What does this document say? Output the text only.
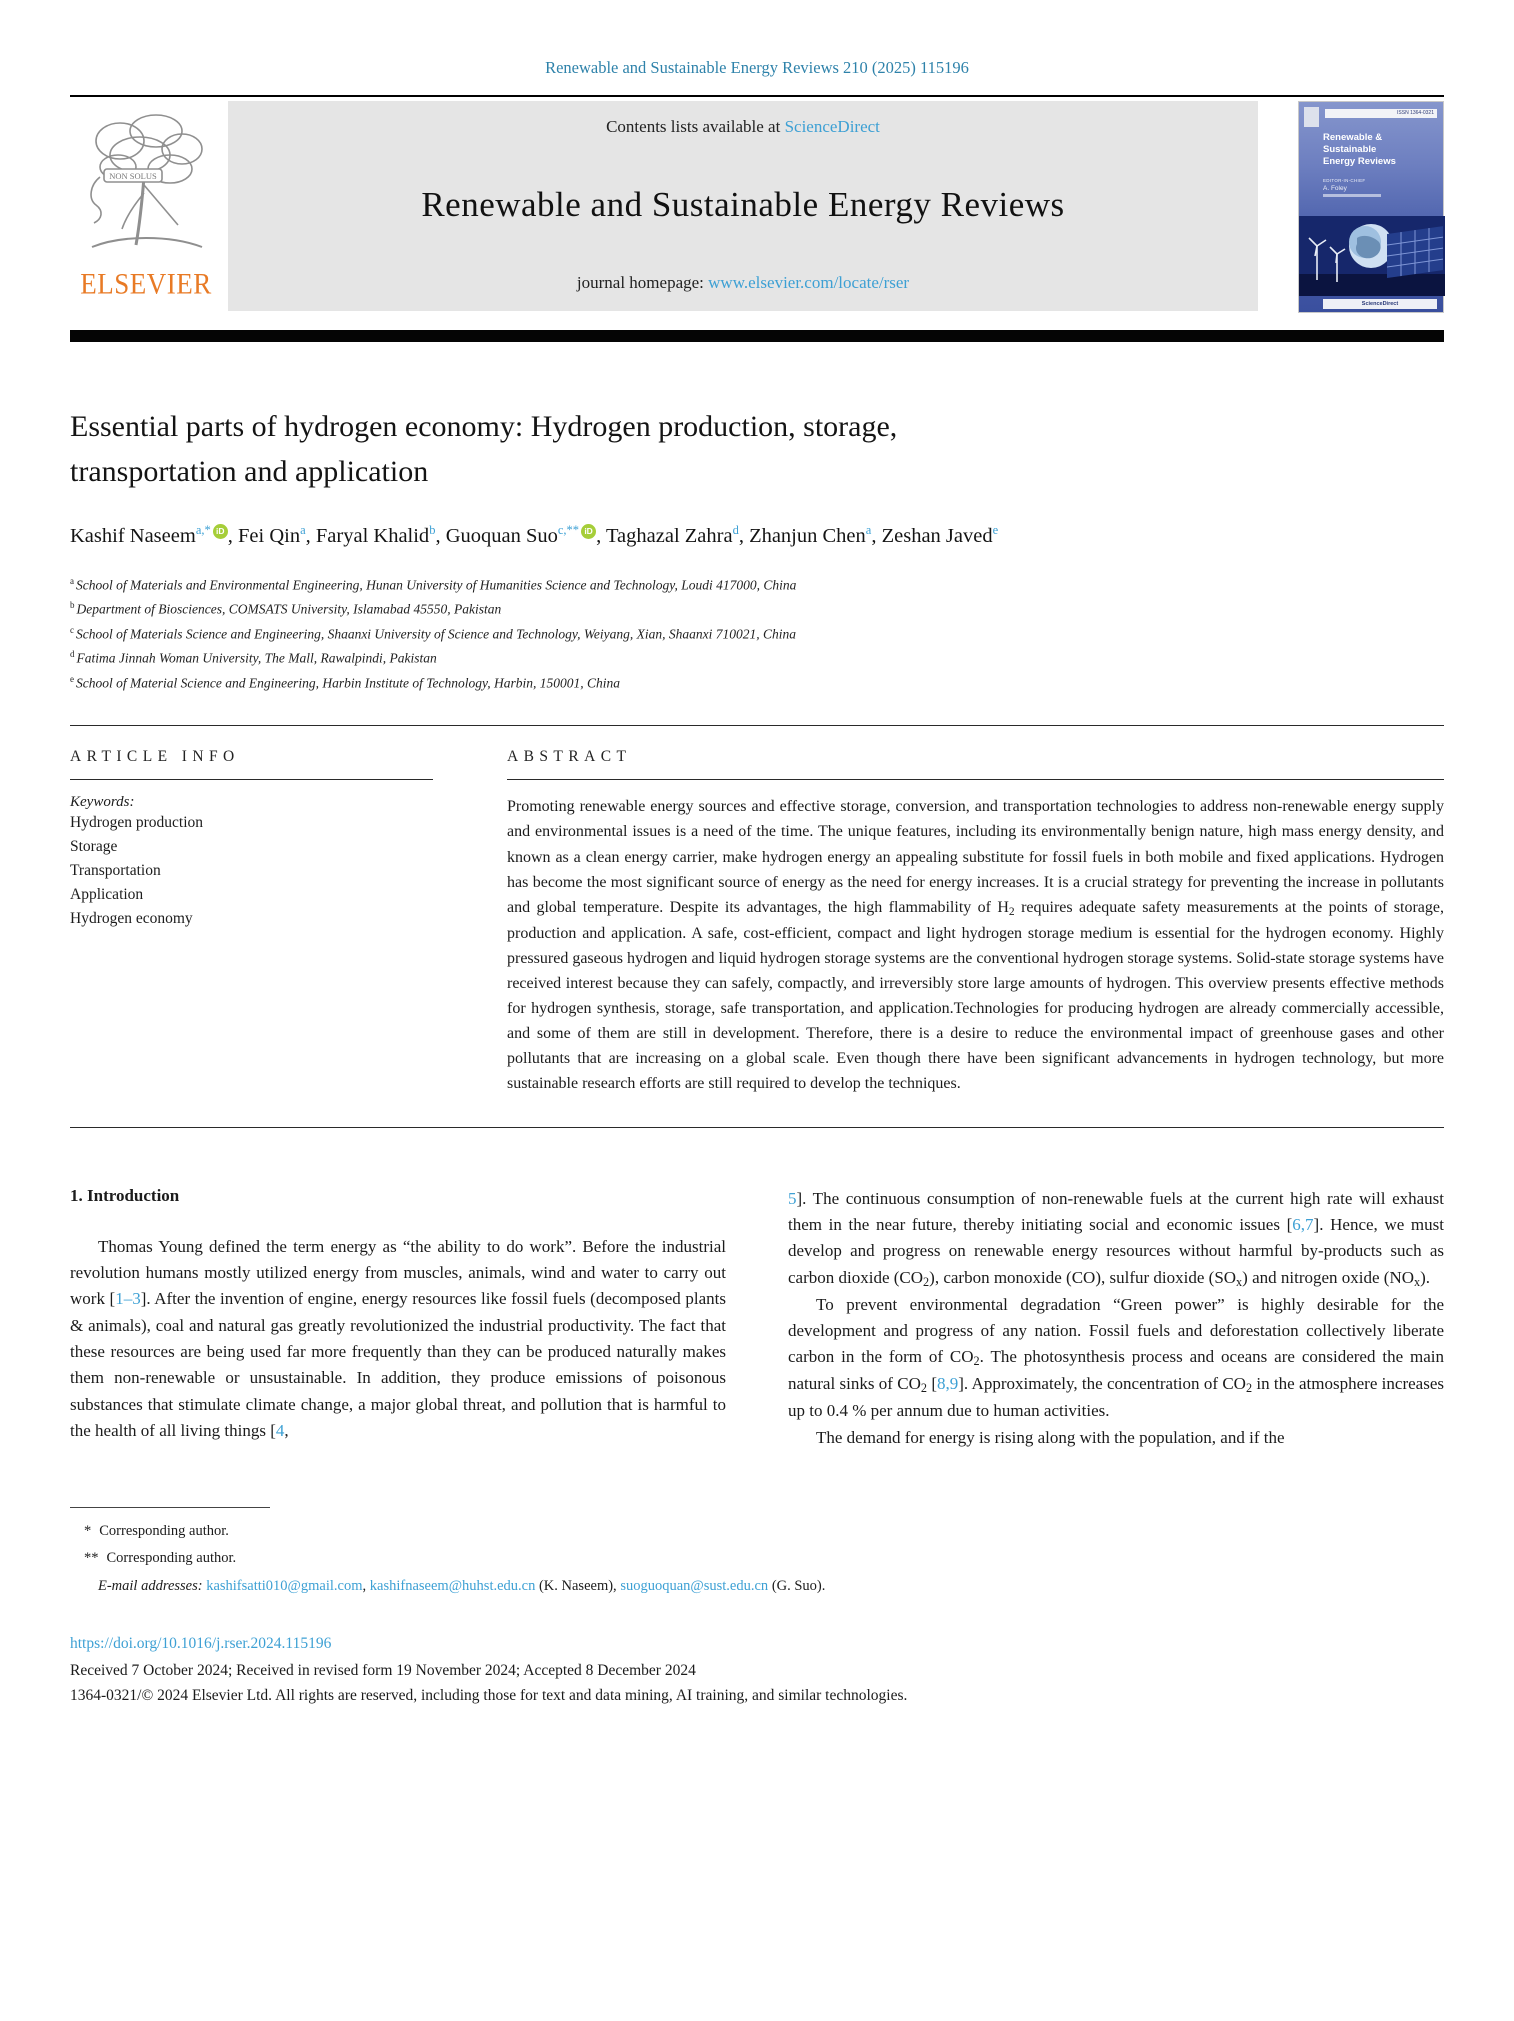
Renewable and Sustainable Energy Reviews 210 (2025) 115196
NON SOLUS
ELSEVIER
Contents lists available at ScienceDirect
Renewable and Sustainable Energy Reviews
journal homepage: www.elsevier.com/locate/rser
ISSN 1364-0321
Renewable &
Sustainable
Energy Reviews
EDITOR-IN-CHIEF
A. Foley
ScienceDirect
Essential parts of hydrogen economy: Hydrogen production, storage, transportation and application
Kashif Naseem$^{a,*}$ iD , Fei Qin$^a$, Faryal Khalid$^b$, Guoquan Suo$^{c,**}$ iD , Taghazal Zahra$^d$, Zhanjun Chen$^a$, Zeshan Javed$^e$
$^a$ School of Materials and Environmental Engineering, Hunan University of Humanities Science and Technology, Loudi 417000, China
$^b$ Department of Biosciences, COMSATS University, Islamabad 45550, Pakistan
$^c$ School of Materials Science and Engineering, Shaanxi University of Science and Technology, Weiyang, Xian, Shaanxi 710021, China
$^d$ Fatima Jinnah Woman University, The Mall, Rawalpindi, Pakistan
$^e$ School of Material Science and Engineering, Harbin Institute of Technology, Harbin, 150001, China
ARTICLE INFO
Keywords:
Hydrogen production
Storage
Transportation
Application
Hydrogen economy
ABSTRACT
Promoting renewable energy sources and effective storage, conversion, and transportation technologies to address non-renewable energy supply and environmental issues is a need of the time. The unique features, including its environmentally benign nature, high mass energy density, and known as a clean energy carrier, make hydrogen energy an appealing substitute for fossil fuels in both mobile and fixed applications. Hydrogen has become the most significant source of energy as the need for energy increases. It is a crucial strategy for preventing the increase in pollutants and global temperature. Despite its advantages, the high flammability of $H_2$ requires adequate safety measurements at the points of storage, production and application. A safe, cost-efficient, compact and light hydrogen storage medium is essential for the hydrogen economy. Highly pressured gaseous hydrogen and liquid hydrogen storage systems are the conventional hydrogen storage systems. Solid-state storage systems have received interest because they can safely, compactly, and irreversibly store large amounts of hydrogen. This overview presents effective methods for hydrogen synthesis, storage, safe transportation, and application.Technologies for producing hydrogen are already commercially accessible, and some of them are still in development. Therefore, there is a desire to reduce the environmental impact of greenhouse gases and other pollutants that are increasing on a global scale. Even though there have been significant advancements in hydrogen technology, but more sustainable research efforts are still required to develop the techniques.
1. Introduction
Thomas Young defined the term energy as “the ability to do work”. Before the industrial revolution humans mostly utilized energy from muscles, animals, wind and water to carry out work [1–3]. After the invention of engine, energy resources like fossil fuels (decomposed plants & animals), coal and natural gas greatly revolutionized the industrial productivity. The fact that these resources are being used far more frequently than they can be produced naturally makes them non-renewable or unsustainable. In addition, they produce emissions of poisonous substances that stimulate climate change, a major global threat, and pollution that is harmful to the health of all living things [4,
5]. The continuous consumption of non-renewable fuels at the current high rate will exhaust them in the near future, thereby initiating social and economic issues [6,7]. Hence, we must develop and progress on renewable energy resources without harmful by-products such as carbon dioxide $(CO_2)$, carbon monoxide (CO), sulfur dioxide $(SO_x)$ and nitrogen oxide $(NO_x)$.
To prevent environmental degradation “Green power” is highly desirable for the development and progress of any nation. Fossil fuels and deforestation collectively liberate carbon in the form of $CO_2$. The photosynthesis process and oceans are considered the main natural sinks of $CO_2$ [8,9]. Approximately, the concentration of $CO_2$ in the atmosphere increases up to 0.4 % per annum due to human activities.
The demand for energy is rising along with the population, and if the
* Corresponding author.
** Corresponding author.
E-mail addresses: kashifsatti010@gmail.com, kashifnaseem@huhst.edu.cn (K. Naseem), suoguoquan@sust.edu.cn (G. Suo).
https://doi.org/10.1016/j.rser.2024.115196
Received 7 October 2024; Received in revised form 19 November 2024; Accepted 8 December 2024
1364-0321/© 2024 Elsevier Ltd. All rights are reserved, including those for text and data mining, AI training, and similar technologies.
